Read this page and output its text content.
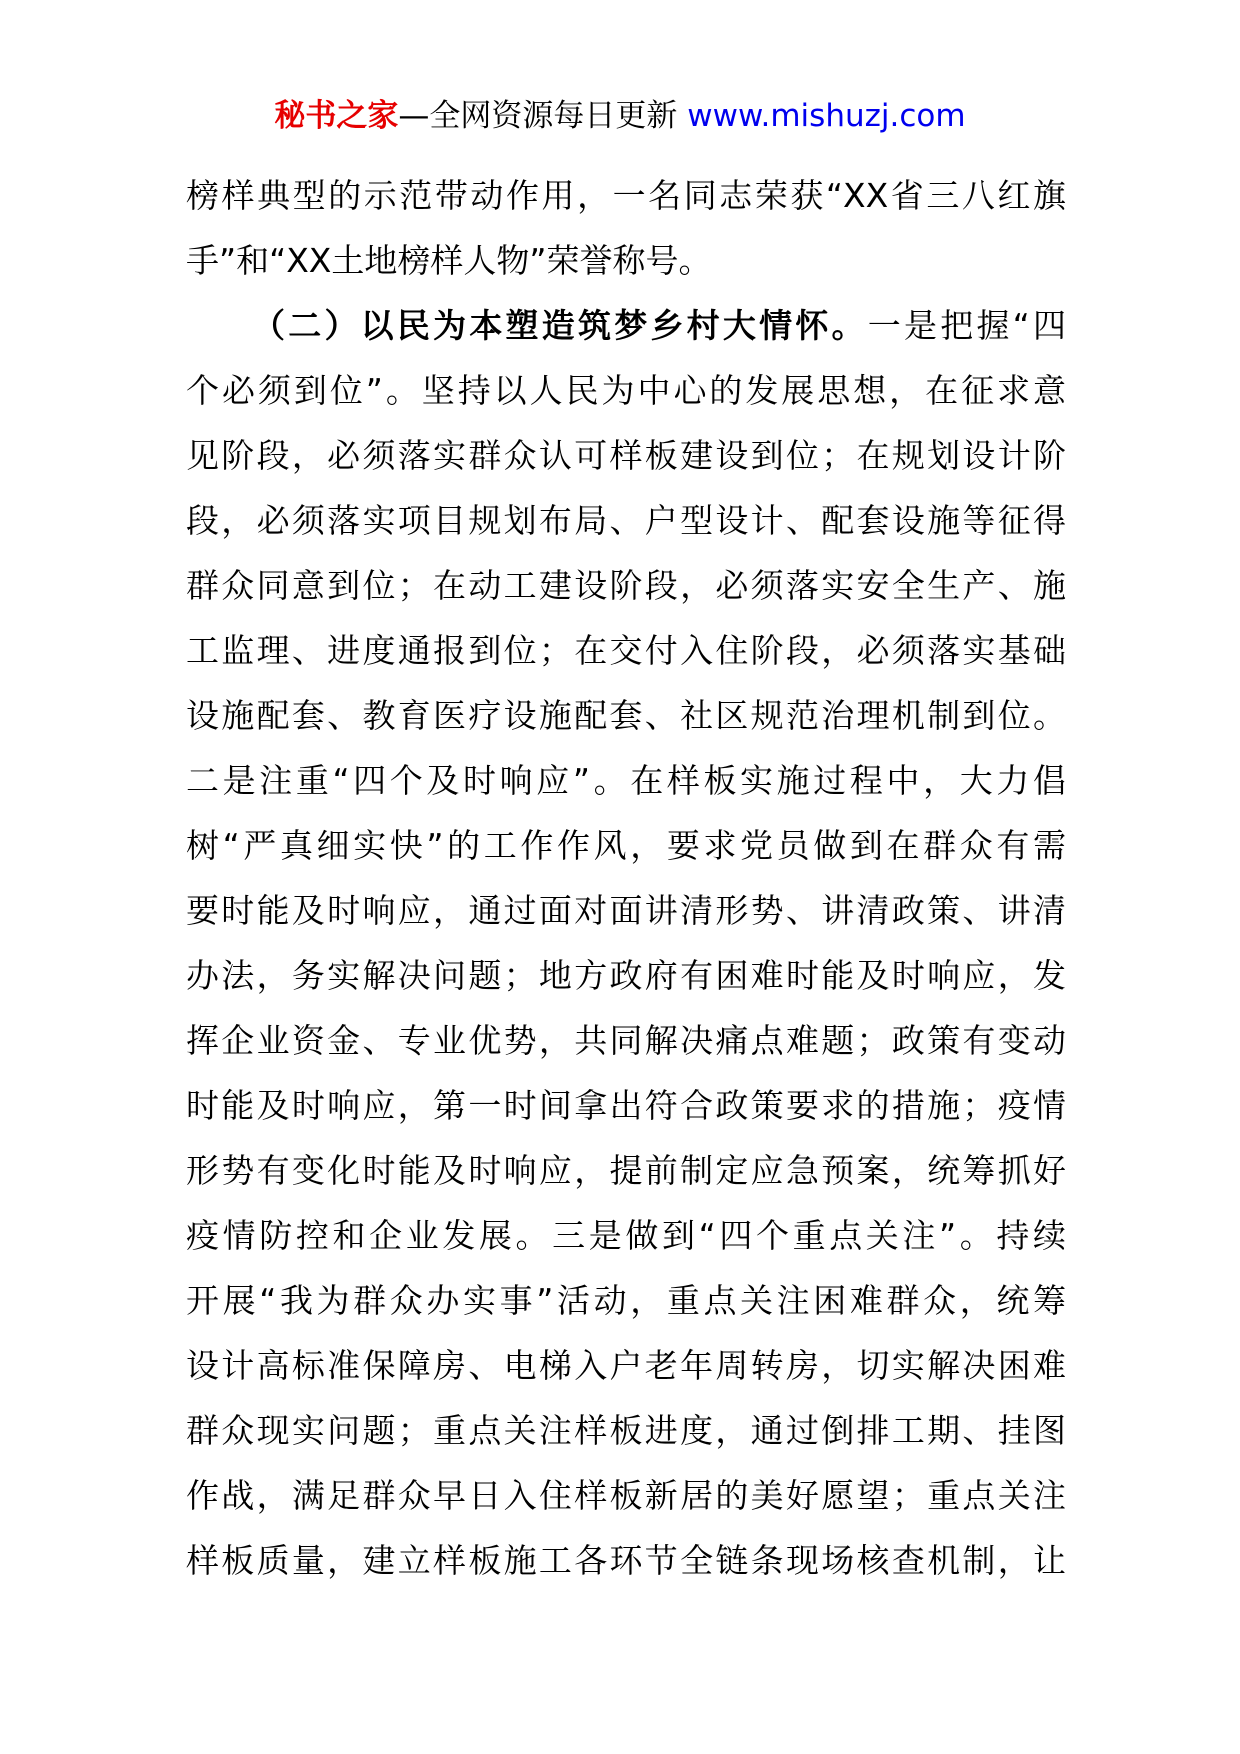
秘书之家—全网资源每日更新 www.mishuzj.com
榜样典型的示范带动作用，一名同志荣获“XX省三八红旗
手”和“XX土地榜样人物”荣誉称号。
（二）以民为本塑造筑梦乡村大情怀。一是把握“四
个必须到位”。坚持以人民为中心的发展思想，在征求意
见阶段，必须落实群众认可样板建设到位；在规划设计阶
段，必须落实项目规划布局、户型设计、配套设施等征得
群众同意到位；在动工建设阶段，必须落实安全生产、施
工监理、进度通报到位；在交付入住阶段，必须落实基础
设施配套、教育医疗设施配套、社区规范治理机制到位。
二是注重“四个及时响应”。在样板实施过程中，大力倡
树“严真细实快”的工作作风，要求党员做到在群众有需
要时能及时响应，通过面对面讲清形势、讲清政策、讲清
办法，务实解决问题；地方政府有困难时能及时响应，发
挥企业资金、专业优势，共同解决痛点难题；政策有变动
时能及时响应，第一时间拿出符合政策要求的措施；疫情
形势有变化时能及时响应，提前制定应急预案，统筹抓好
疫情防控和企业发展。三是做到“四个重点关注”。持续
开展“我为群众办实事”活动，重点关注困难群众，统筹
设计高标准保障房、电梯入户老年周转房，切实解决困难
群众现实问题；重点关注样板进度，通过倒排工期、挂图
作战，满足群众早日入住样板新居的美好愿望；重点关注
样板质量，建立样板施工各环节全链条现场核查机制，让
